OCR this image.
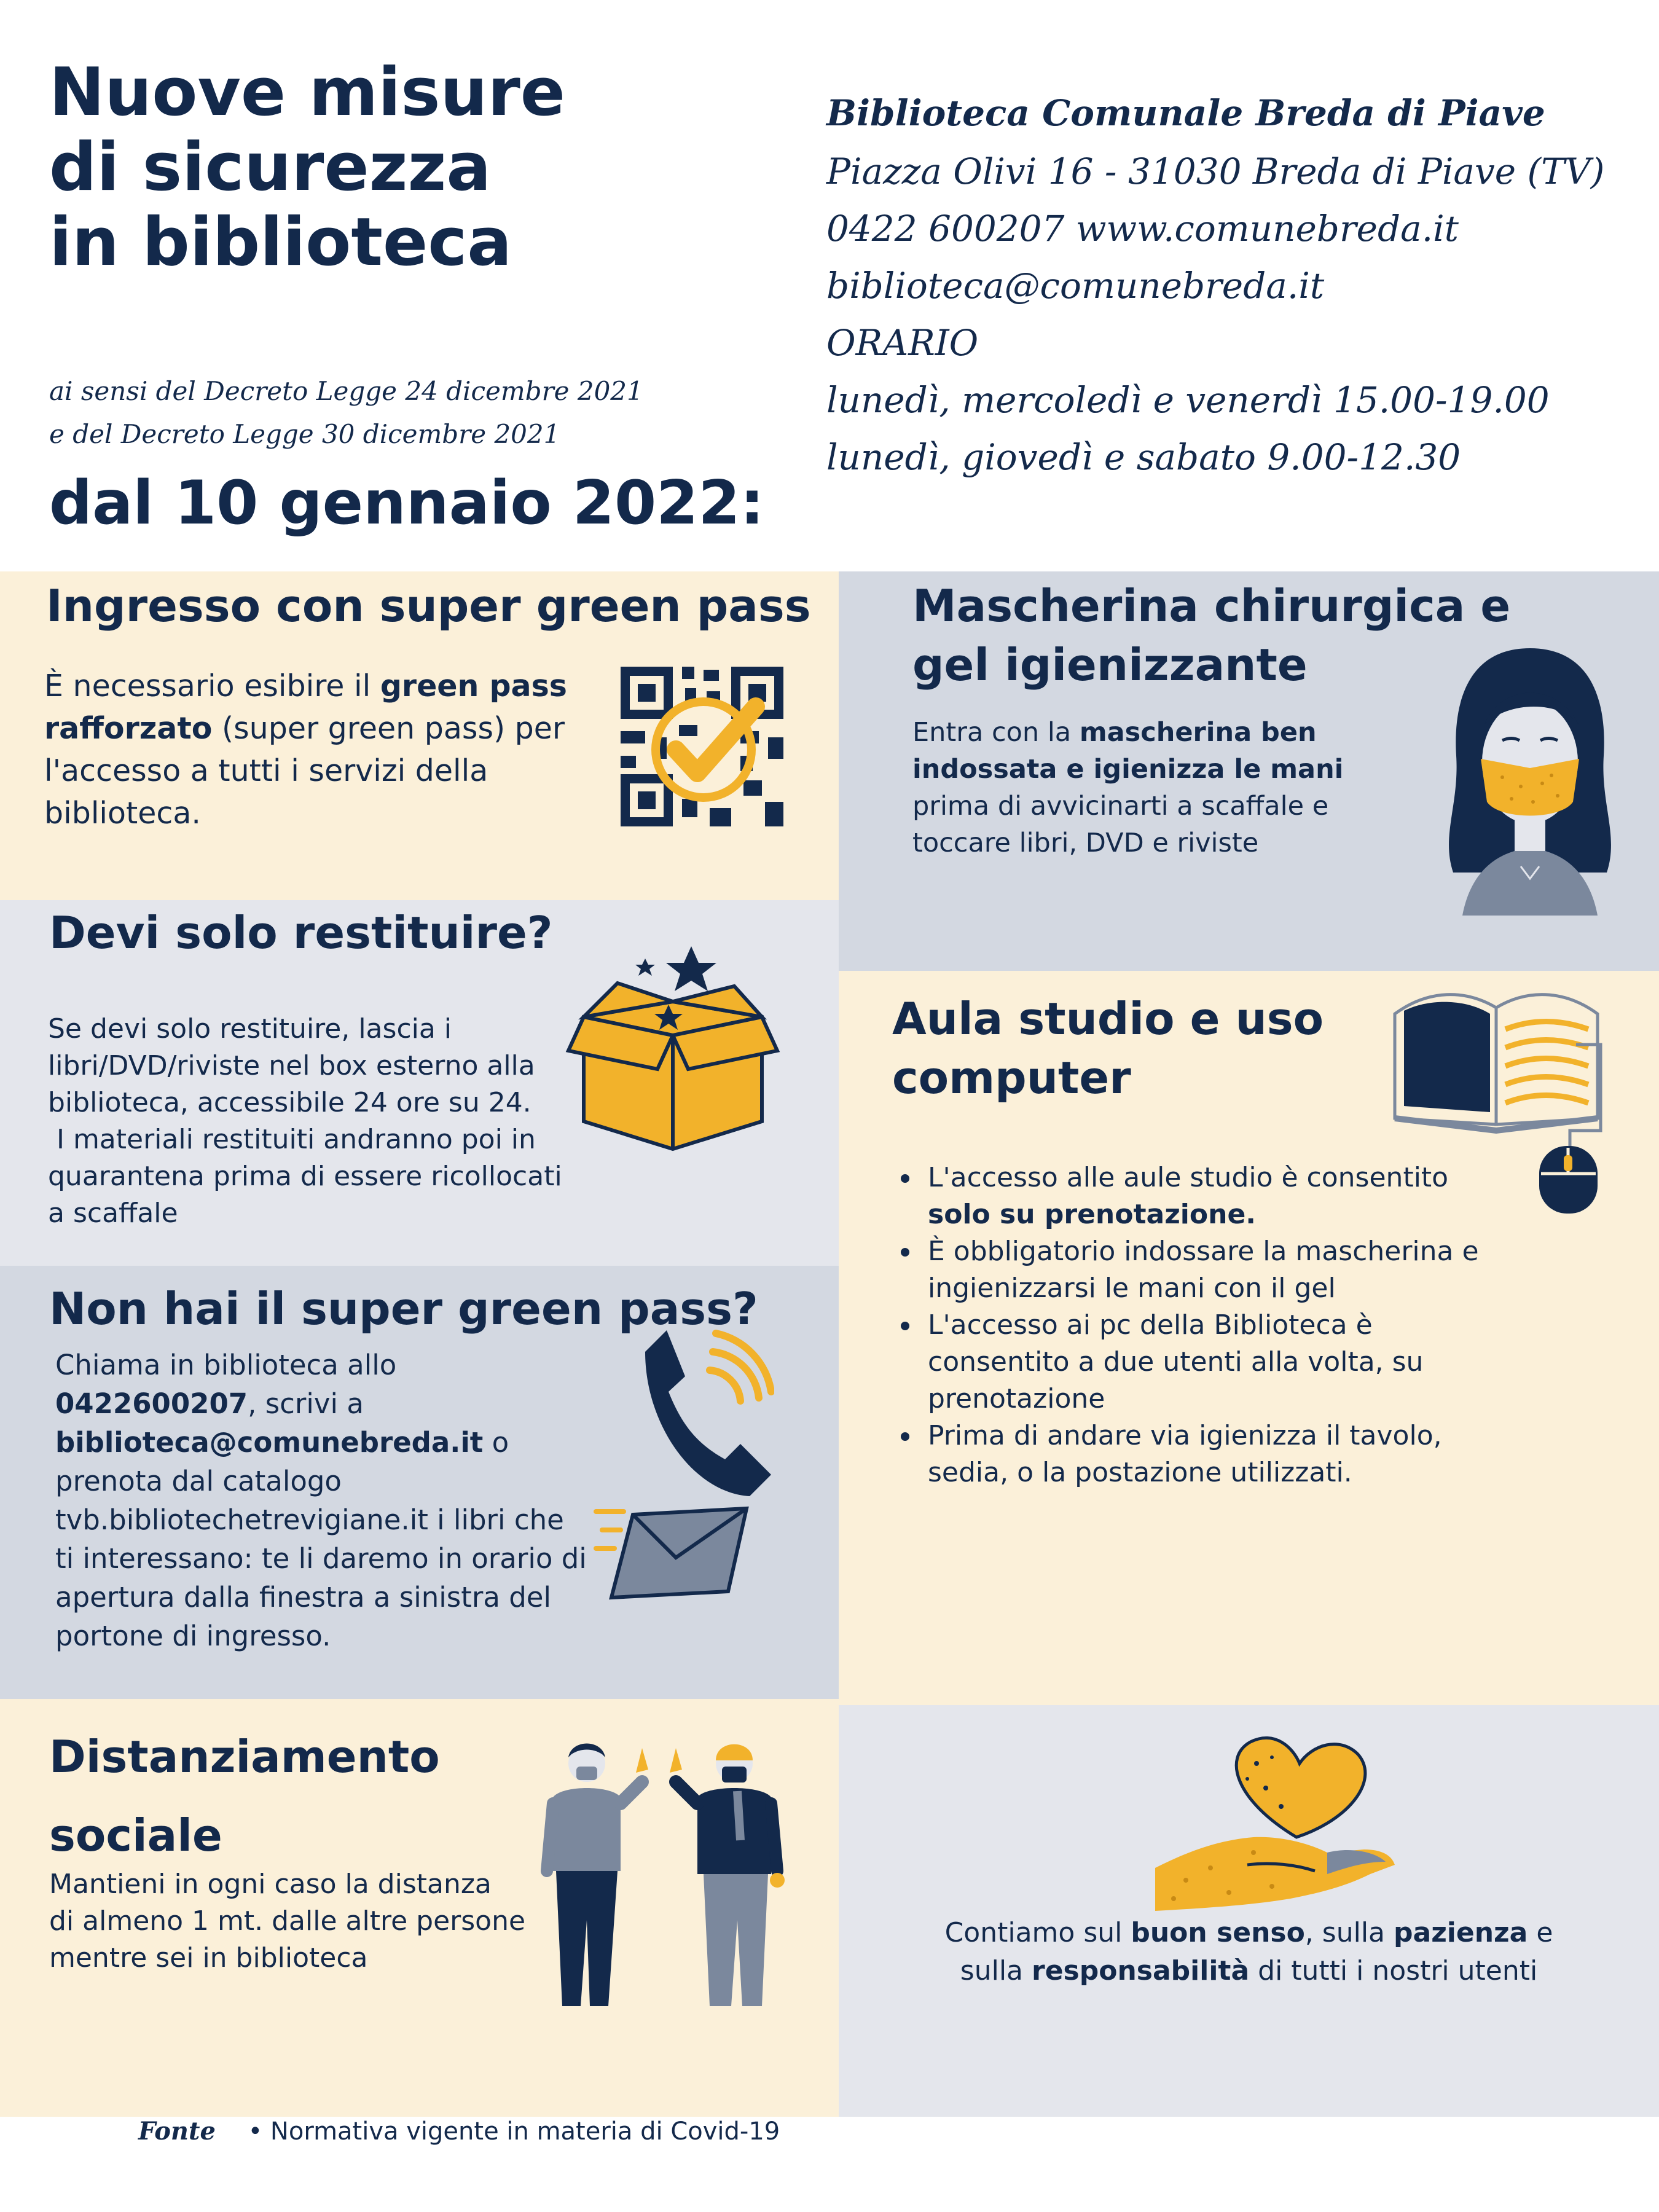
Nuove misure
di sicurezza
in biblioteca
ai sensi del Decreto Legge 24 dicembre 2021
e del Decreto Legge 30 dicembre 2021
dal 10 gennaio 2022:
Biblioteca Comunale Breda di Piave
Piazza Olivi 16 - 31030 Breda di Piave (TV)
0422 600207 www.comunebreda.it
biblioteca@comunebreda.it
ORARIO
lunedì, mercoledì e venerdì 15.00-19.00
lunedì, giovedì e sabato 9.00-12.30
Ingresso con super green pass
È necessario esibire il green pass rafforzato (super green pass) per l'accesso a tutti i servizi della biblioteca.
Mascherina chirurgica e
gel igienizzante
Entra con la mascherina ben indossata e igienizza le mani prima di avvicinarti a scaffale e toccare libri, DVD e riviste
Devi solo restituire?
Se devi solo restituire, lascia i
libri/DVD/riviste nel box esterno alla
biblioteca, accessibile 24 ore su 24.
I materiali restituiti andranno poi in
quarantena prima di essere ricollocati
a scaffale
Aula studio e uso
computer
L'accesso alle aule studio è consentito solo su prenotazione.
È obbligatorio indossare la mascherina e ingienizzarsi le mani con il gel
L'accesso ai pc della Biblioteca è consentito a due utenti alla volta, su prenotazione
Prima di andare via igienizza il tavolo, sedia, o la postazione utilizzati.
Non hai il super green pass?
Chiama in biblioteca allo 0422600207, scrivi a biblioteca@comunebreda.it o prenota dal catalogo tvb.bibliotechetrevigiane.it i libri che ti interessano: te li daremo in orario di apertura dalla finestra a sinistra del portone di ingresso.
Distanziamento
sociale
Mantieni in ogni caso la distanza
di almeno 1 mt. dalle altre persone
mentre sei in biblioteca
Contiamo sul buon senso, sulla pazienza e
sulla responsabilità di tutti i nostri utenti
Fonte • Normativa vigente in materia di Covid-19
